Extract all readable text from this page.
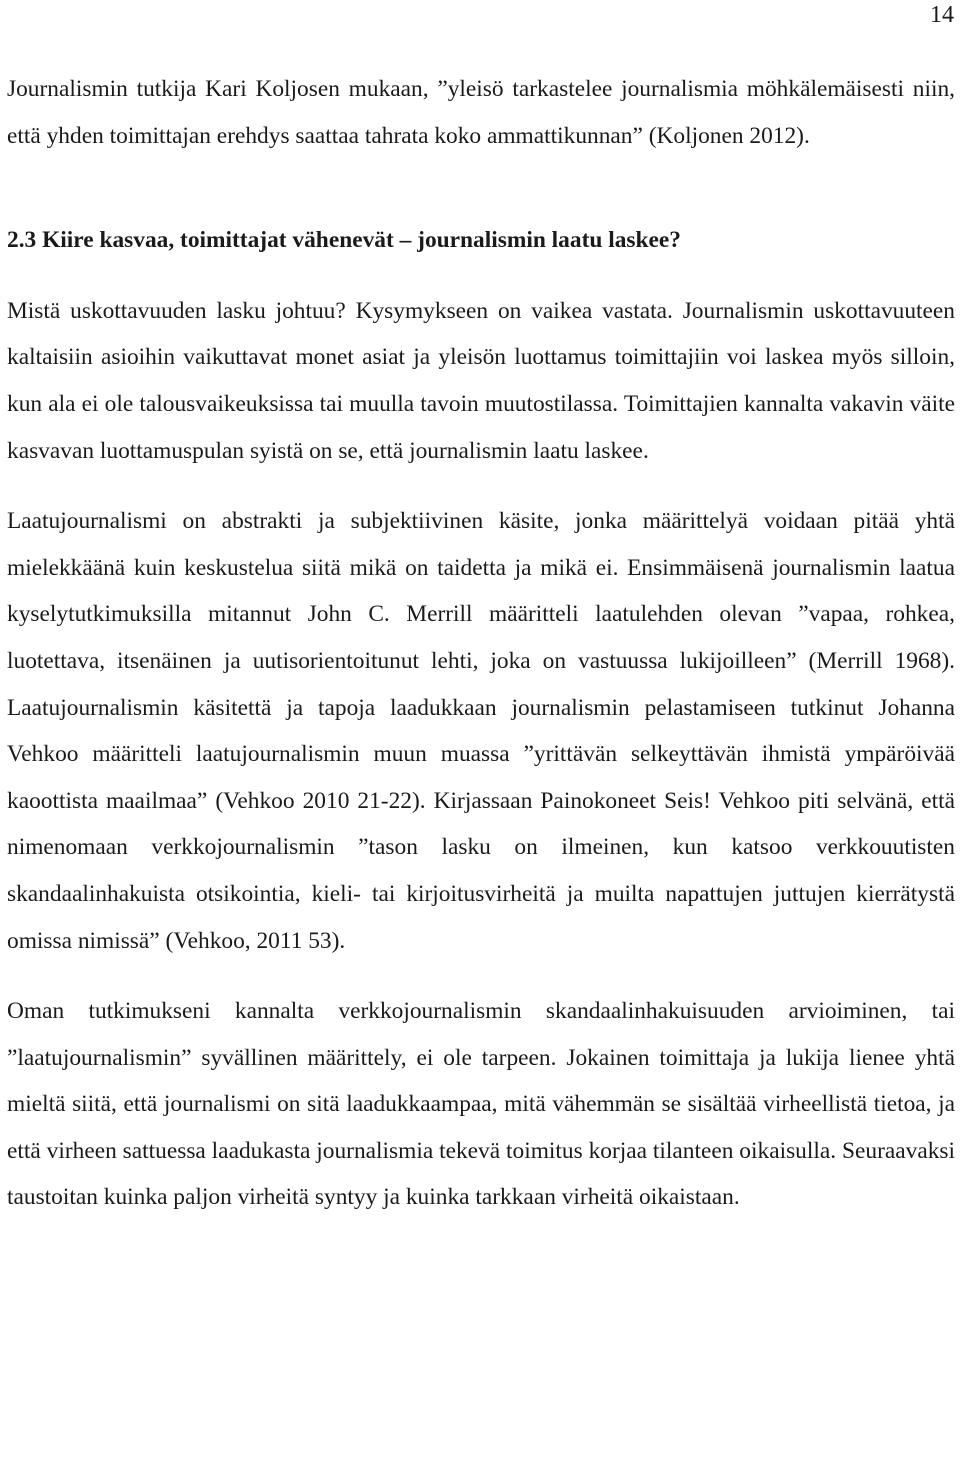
14

Journalismin tutkija Kari Koljosen mukaan, ”yleisö tarkastelee journalismia möhkälemäisesti niin, että yhden toimittajan erehdys saattaa tahrata koko ammattikunnan” (Koljonen 2012).

2.3 Kiire kasvaa, toimittajat vähenevät – journalismin laatu laskee?

Mistä uskottavuuden lasku johtuu? Kysymykseen on vaikea vastata. Journalismin uskottavuuteen kaltaisiin asioihin vaikuttavat monet asiat ja yleisön luottamus toimittajiin voi laskea myös silloin, kun ala ei ole talousvaikeuksissa tai muulla tavoin muutostilassa. Toimittajien kannalta vakavin väite kasvavan luottamuspulan syistä on se, että journalismin laatu laskee.

Laatujournalismi on abstrakti ja subjektiivinen käsite, jonka määrittelyä voidaan pitää yhtä mielekkäänä kuin keskustelua siitä mikä on taidetta ja mikä ei. Ensimmäisenä journalismin laatua kyselytutkimuksilla mitannut John C. Merrill määritteli laatulehden olevan ”vapaa, rohkea, luotettava, itsenäinen ja uutisorientoitunut lehti, joka on vastuussa lukijoilleen” (Merrill 1968). Laatujournalismin käsitettä ja tapoja laadukkaan journalismin pelastamiseen tutkinut Johanna Vehkoo määritteli laatujournalismin muun muassa ”yrittävän selkeyttävän ihmistä ympäröivää kaoottista maailmaa” (Vehkoo 2010 21-22). Kirjassaan Painokoneet Seis! Vehkoo piti selvänä, että nimenomaan verkkojournalismin ”tason lasku on ilmeinen, kun katsoo verkkouutisten skandaalinhakuista otsikointia, kieli- tai kirjoitusvirheitä ja muilta napattujen juttujen kierrätystä omissa nimissä” (Vehkoo, 2011 53).

Oman tutkimukseni kannalta verkkojournalismin skandaalinhakuisuuden arvioiminen, tai ”laatujournalismin” syvällinen määrittely, ei ole tarpeen. Jokainen toimittaja ja lukija lienee yhtä mieltä siitä, että journalismi on sitä laadukkaampaa, mitä vähemmän se sisältää virheellistä tietoa, ja että virheen sattuessa laadukasta journalismia tekevä toimitus korjaa tilanteen oikaisulla. Seuraavaksi taustoitan kuinka paljon virheitä syntyy ja kuinka tarkkaan virheitä oikaistaan.
